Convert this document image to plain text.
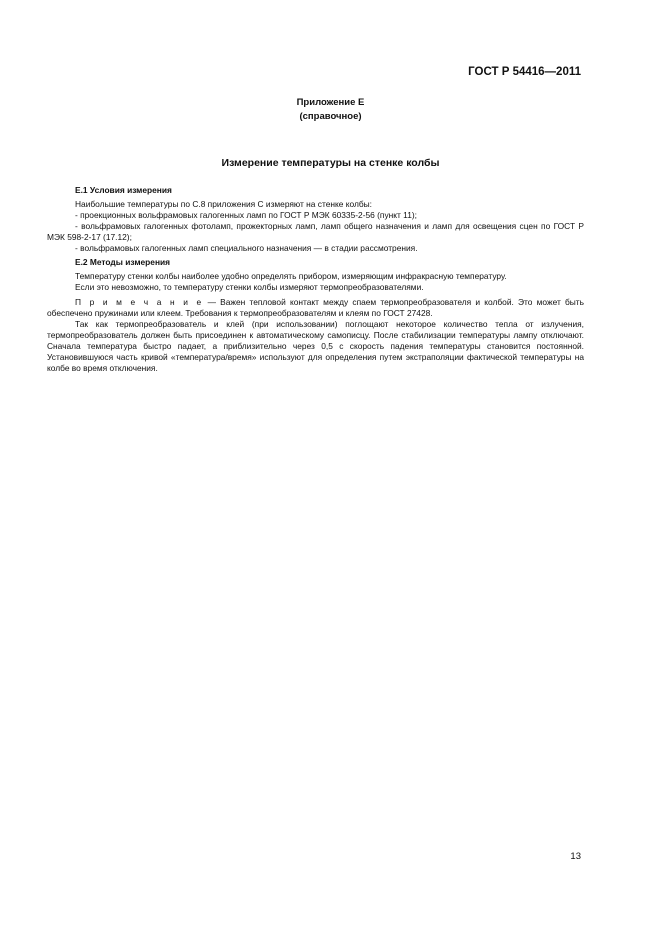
ГОСТ Р 54416—2011
Приложение Е
(справочное)
Измерение температуры на стенке колбы
Е.1 Условия измерения
Наибольшие температуры по С.8 приложения С измеряют на стенке колбы:
- проекционных вольфрамовых галогенных ламп по ГОСТ Р МЭК 60335-2-56 (пункт 11);
- вольфрамовых галогенных фотоламп, прожекторных ламп, ламп общего назначения и ламп для освещения сцен по ГОСТ Р МЭК 598-2-17 (17.12);
- вольфрамовых галогенных ламп специального назначения — в стадии рассмотрения.
Е.2 Методы измерения
Температуру стенки колбы наиболее удобно определять прибором, измеряющим инфракрасную температуру.
Если это невозможно, то температуру стенки колбы измеряют термопреобразователями.
П р и м е ч а н и е — Важен тепловой контакт между спаем термопреобразователя и колбой. Это может быть обеспечено пружинами или клеем. Требования к термопреобразователям и клеям по ГОСТ 27428.
Так как термопреобразователь и клей (при использовании) поглощают некоторое количество тепла от излучения, термопреобразователь должен быть присоединен к автоматическому самописцу. После стабилизации температуры лампу отключают. Сначала температура быстро падает, а приблизительно через 0,5 с скорость падения температуры становится постоянной. Установившуюся часть кривой «температура/время» используют для определения путем экстраполяции фактической температуры на колбе во время отключения.
13
